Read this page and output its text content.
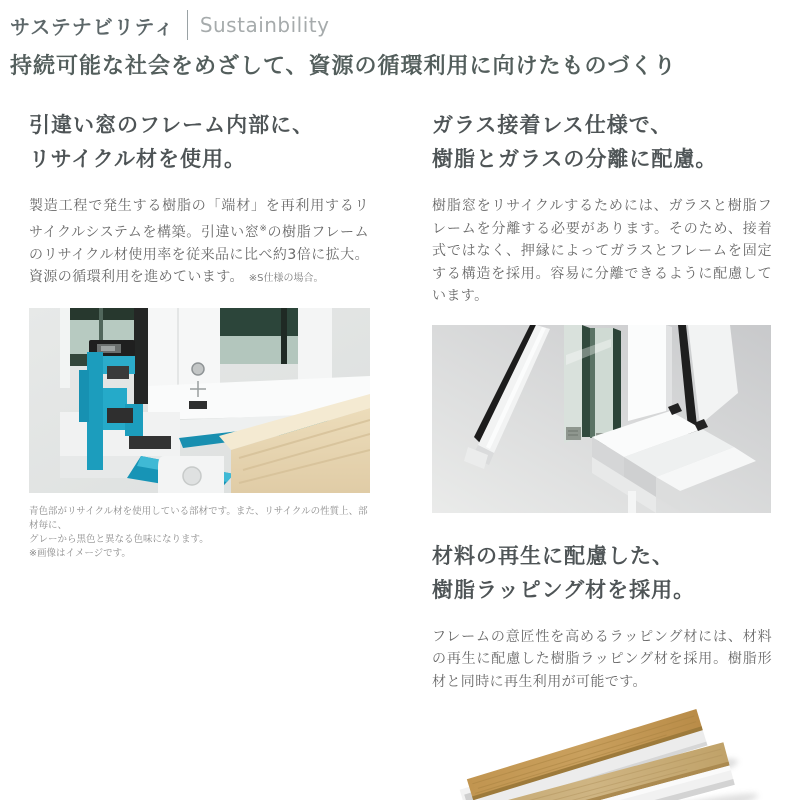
サステナビリティ Sustainbility
持続可能な社会をめざして、資源の循環利用に向けたものづくり
引違い窓のフレーム内部に、
リサイクル材を使用。

製造工程で発生する樹脂の「端材」を再利用するリサイクルシステムを構築。引違い窓※の樹脂フレームのリサイクル材使用率を従来品に比べ約3倍に拡大。資源の循環利用を進めています。 ※S仕様の場合。

青色部がリサイクル材を使用している部材です。また、リサイクルの性質上、部材毎に、
グレーから黒色と異なる色味になります。
※画像はイメージです。
ガラス接着レス仕様で、
樹脂とガラスの分離に配慮。

樹脂窓をリサイクルするためには、ガラスと樹脂フレームを分離する必要があります。そのため、接着式ではなく、押縁によってガラスとフレームを固定する構造を採用。容易に分離できるように配慮しています。

材料の再生に配慮した、
樹脂ラッピング材を採用。

フレームの意匠性を高めるラッピング材には、材料の再生に配慮した樹脂ラッピング材を採用。樹脂形材と同時に再生利用が可能です。
